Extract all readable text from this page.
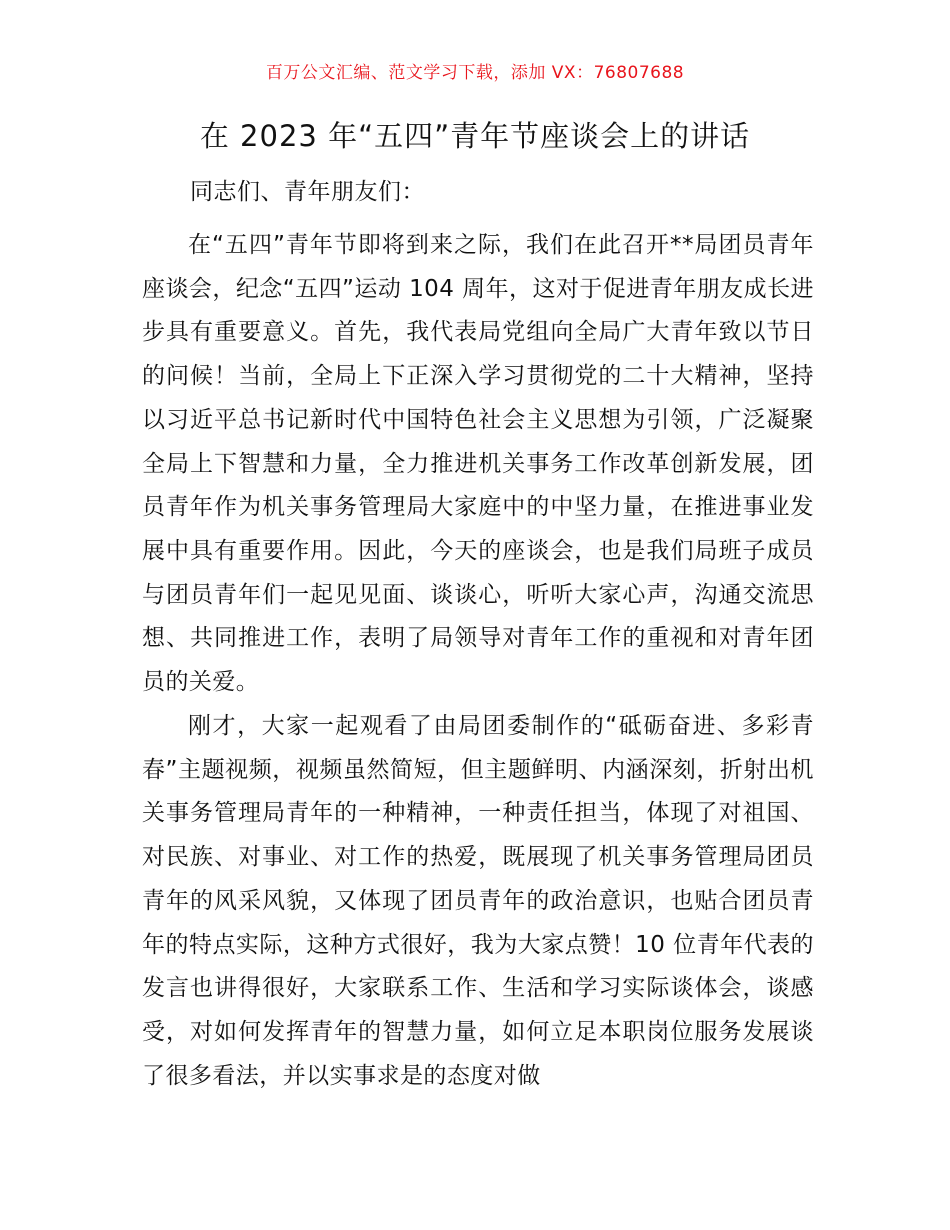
百万公文汇编、范文学习下载，添加 VX：76807688
在 2023 年“五四”青年节座谈会上的讲话
同志们、青年朋友们：

在“五四”青年节即将到来之际，我们在此召开**局团员青年座谈会，纪念“五四”运动 104 周年，这对于促进青年朋友成长进步具有重要意义。首先，我代表局党组向全局广大青年致以节日的问候！当前，全局上下正深入学习贯彻党的二十大精神，坚持以习近平总书记新时代中国特色社会主义思想为引领，广泛凝聚全局上下智慧和力量，全力推进机关事务工作改革创新发展，团员青年作为机关事务管理局大家庭中的中坚力量，在推进事业发展中具有重要作用。因此，今天的座谈会，也是我们局班子成员与团员青年们一起见见面、谈谈心，听听大家心声，沟通交流思想、共同推进工作，表明了局领导对青年工作的重视和对青年团员的关爱。

刚才，大家一起观看了由局团委制作的“砥砺奋进、多彩青春”主题视频，视频虽然简短，但主题鲜明、内涵深刻，折射出机关事务管理局青年的一种精神，一种责任担当，体现了对祖国、对民族、对事业、对工作的热爱，既展现了机关事务管理局团员青年的风采风貌，又体现了团员青年的政治意识，也贴合团员青年的特点实际，这种方式很好，我为大家点赞！10 位青年代表的发言也讲得很好，大家联系工作、生活和学习实际谈体会，谈感受，对如何发挥青年的智慧力量，如何立足本职岗位服务发展谈了很多看法，并以实事求是的态度对做
